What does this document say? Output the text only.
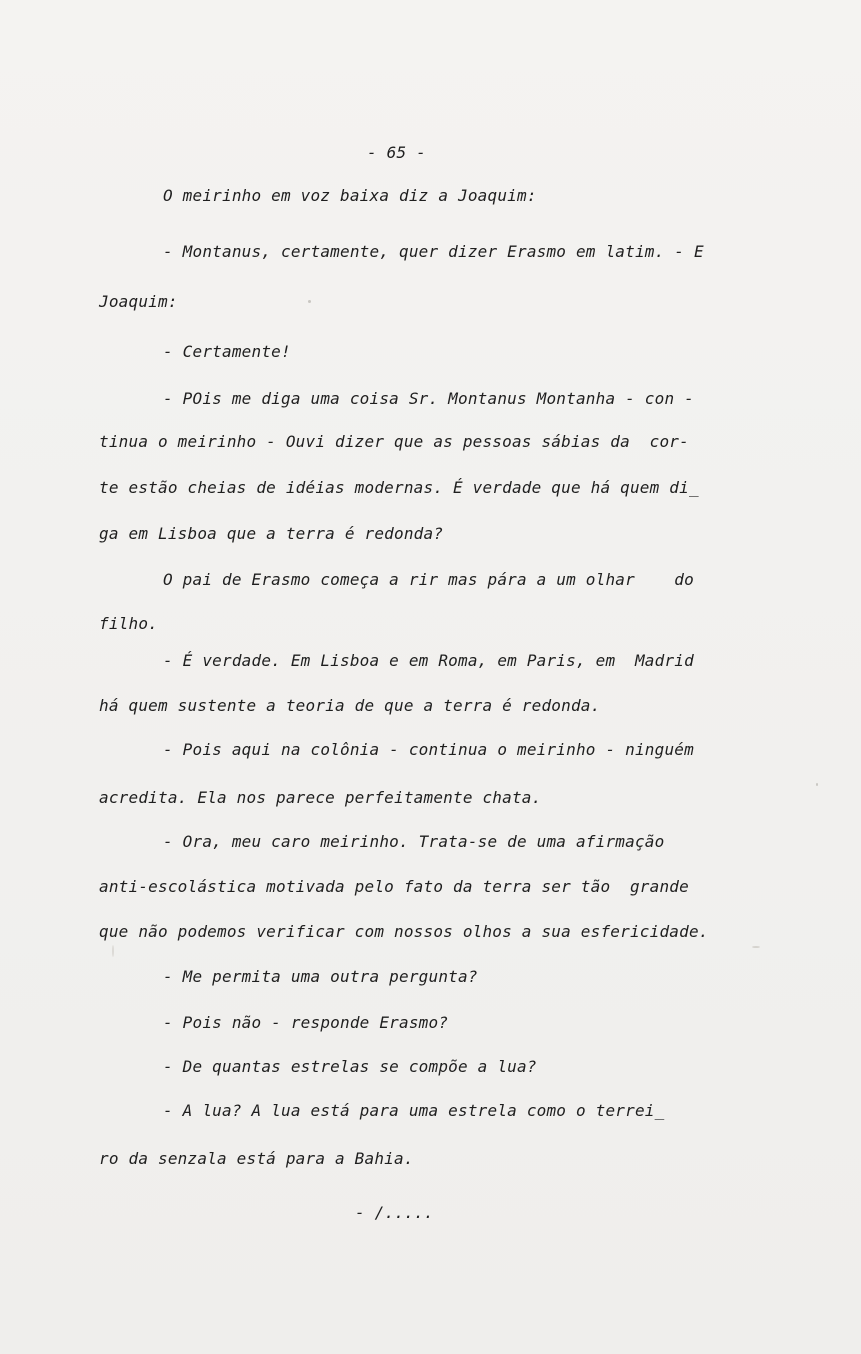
- 65 -
O meirinho em voz baixa diz a Joaquim:
- Montanus, certamente, quer dizer Erasmo em latim. - E
Joaquim:
- Certamente!
- POis me diga uma coisa Sr. Montanus Montanha - con -
tinua o meirinho - Ouvi dizer que as pessoas sábias da  cor-
te estão cheias de idéias modernas. É verdade que há quem di_
ga em Lisboa que a terra é redonda?
O pai de Erasmo começa a rir mas pára a um olhar    do
filho.
- É verdade. Em Lisboa e em Roma, em Paris, em  Madrid
há quem sustente a teoria de que a terra é redonda.
- Pois aqui na colônia - continua o meirinho - ninguém
acredita. Ela nos parece perfeitamente chata.
- Ora, meu caro meirinho. Trata-se de uma afirmação
anti-escolástica motivada pelo fato da terra ser tão  grande
que não podemos verificar com nossos olhos a sua esfericidade.
- Me permita uma outra pergunta?
- Pois não - responde Erasmo?
- De quantas estrelas se compõe a lua?
- A lua? A lua está para uma estrela como o terrei_
ro da senzala está para a Bahia.
- /.....
